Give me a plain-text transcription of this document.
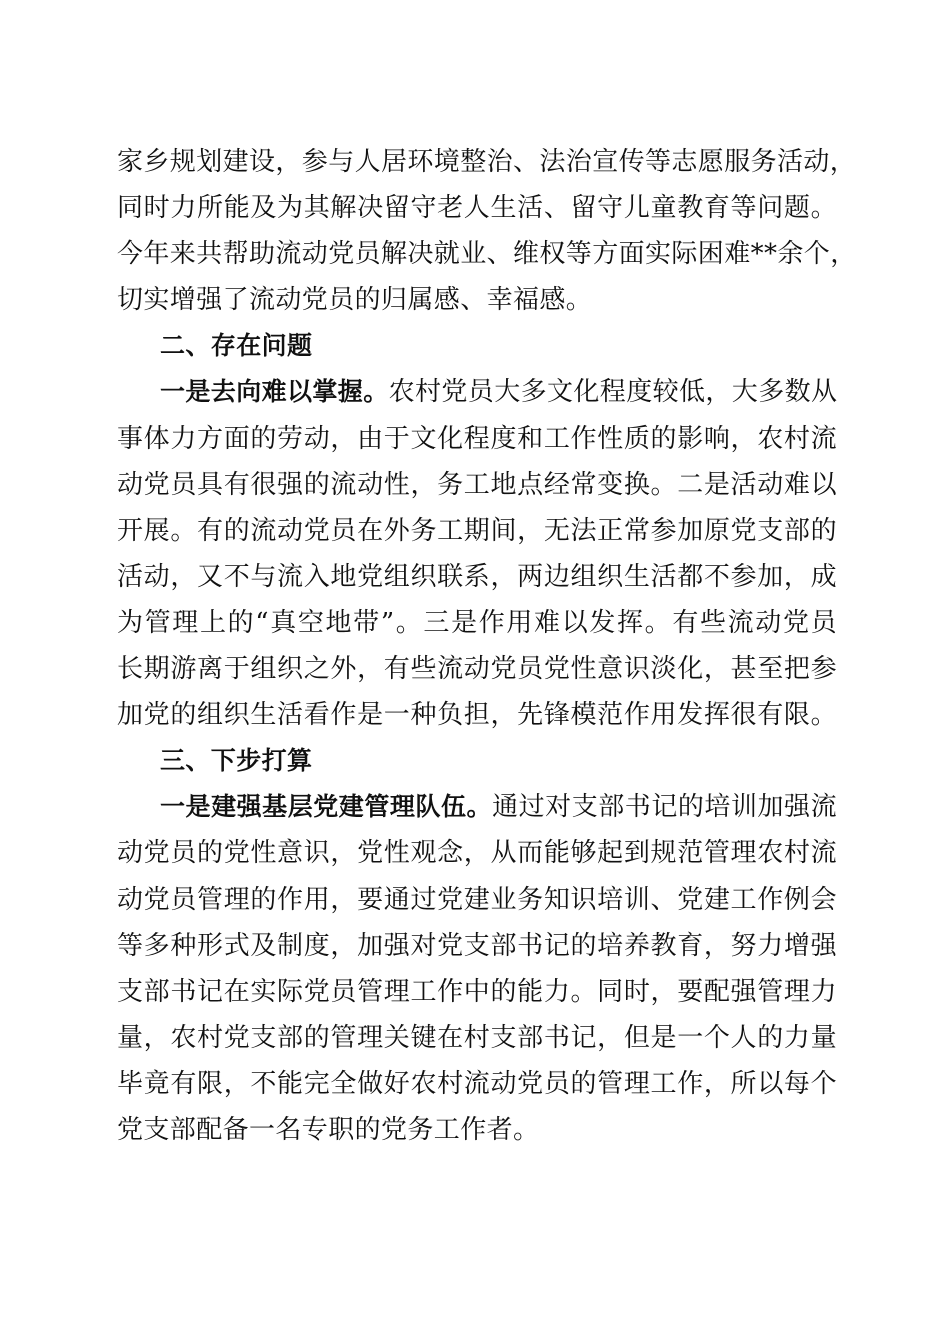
家乡规划建设，参与人居环境整治、法治宣传等志愿服务活动，
同时力所能及为其解决留守老人生活、留守儿童教育等问题。
今年来共帮助流动党员解决就业、维权等方面实际困难**余个，
切实增强了流动党员的归属感、幸福感。
二、存在问题
一是去向难以掌握。农村党员大多文化程度较低，大多数从
事体力方面的劳动，由于文化程度和工作性质的影响，农村流
动党员具有很强的流动性，务工地点经常变换。二是活动难以
开展。有的流动党员在外务工期间，无法正常参加原党支部的
活动，又不与流入地党组织联系，两边组织生活都不参加，成
为管理上的“真空地带”。三是作用难以发挥。有些流动党员
长期游离于组织之外，有些流动党员党性意识淡化，甚至把参
加党的组织生活看作是一种负担，先锋模范作用发挥很有限。
三、下步打算
一是建强基层党建管理队伍。通过对支部书记的培训加强流
动党员的党性意识，党性观念，从而能够起到规范管理农村流
动党员管理的作用，要通过党建业务知识培训、党建工作例会
等多种形式及制度，加强对党支部书记的培养教育，努力增强
支部书记在实际党员管理工作中的能力。同时，要配强管理力
量，农村党支部的管理关键在村支部书记，但是一个人的力量
毕竟有限，不能完全做好农村流动党员的管理工作，所以每个
党支部配备一名专职的党务工作者。
